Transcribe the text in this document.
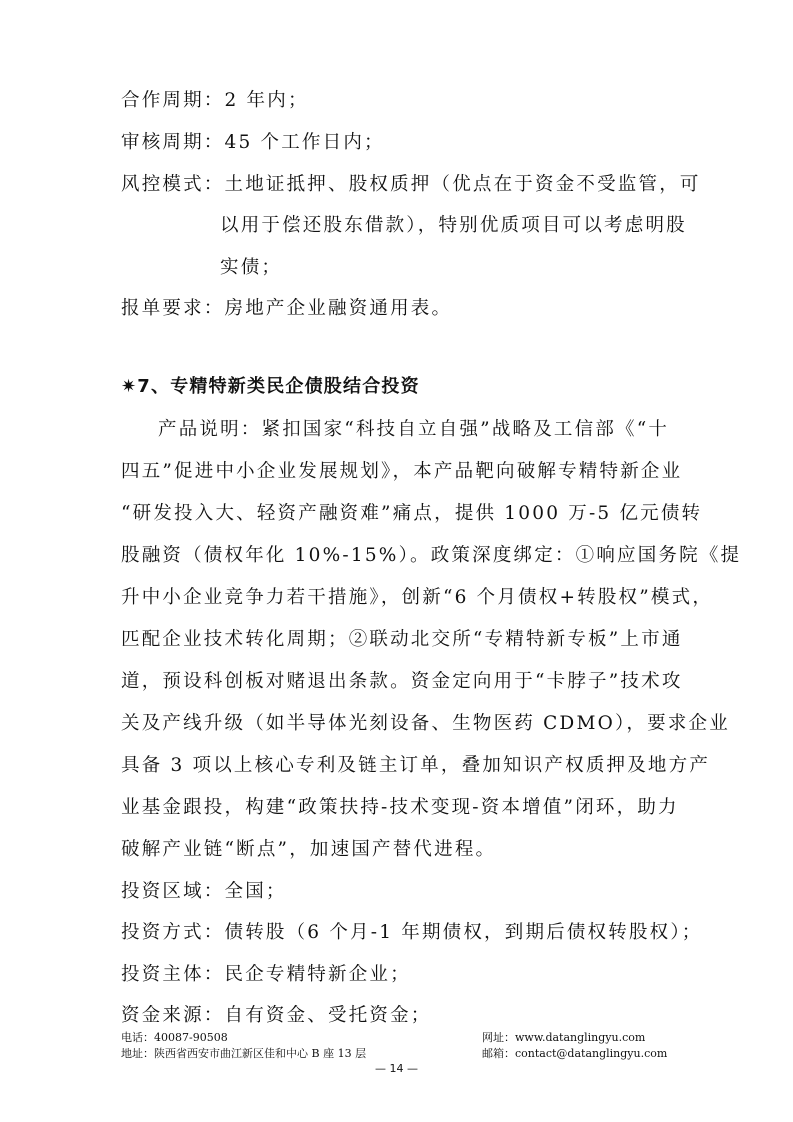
合作周期：2 年内；
审核周期：45 个工作日内；
风控模式：土地证抵押、股权质押（优点在于资金不受监管，可
以用于偿还股东借款），特别优质项目可以考虑明股
实债；
报单要求：房地产企业融资通用表。
✷7、专精特新类民企债股结合投资
产品说明：紧扣国家“科技自立自强”战略及工信部《“十
四五”促进中小企业发展规划》，本产品靶向破解专精特新企业
“研发投入大、轻资产融资难”痛点，提供 1000 万-5 亿元债转
股融资（债权年化 10%-15%）。政策深度绑定：①响应国务院《提
升中小企业竞争力若干措施》，创新“6 个月债权+转股权”模式，
匹配企业技术转化周期；②联动北交所“专精特新专板”上市通
道，预设科创板对赌退出条款。资金定向用于“卡脖子”技术攻
关及产线升级（如半导体光刻设备、生物医药 CDMO），要求企业
具备 3 项以上核心专利及链主订单，叠加知识产权质押及地方产
业基金跟投，构建“政策扶持-技术变现-资本增值”闭环，助力
破解产业链“断点”，加速国产替代进程。
投资区域：全国；
投资方式：债转股（6 个月-1 年期债权，到期后债权转股权）；
投资主体：民企专精特新企业；
资金来源：自有资金、受托资金；
电话：40087-90508
地址：陕西省西安市曲江新区佳和中心 B 座 13 层
网址：www.datanglingyu.com
邮箱：contact@datanglingyu.com
— 14 —
